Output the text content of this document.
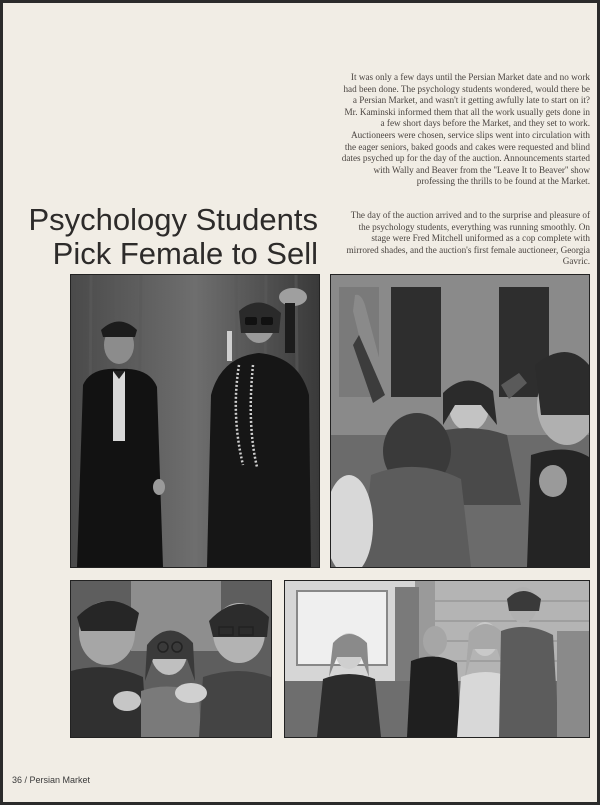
It was only a few days until the Persian Market date and no work had been done. The psychology students wondered, would there be a Persian Market, and wasn't it getting awfully late to start on it? Mr. Kaminski informed them that all the work usually gets done in a few short days before the Market, and they set to work. Auctioneers were chosen, service slips went into circulation with the eager seniors, baked goods and cakes were requested and blind dates psyched up for the day of the auction. Announcements started with Wally and Beaver from the ''Leave It to Beaver'' show professing the thrills to be found at the Market.

The day of the auction arrived and to the surprise and pleasure of the psychology students, everything was running smoothly. On stage were Fred Mitchell uniformed as a cop complete with mirrored shades, and the auction's first female auctioneer, Georgia Gavric.

Psychology Students
Pick Female to Sell
36 / Persian Market
